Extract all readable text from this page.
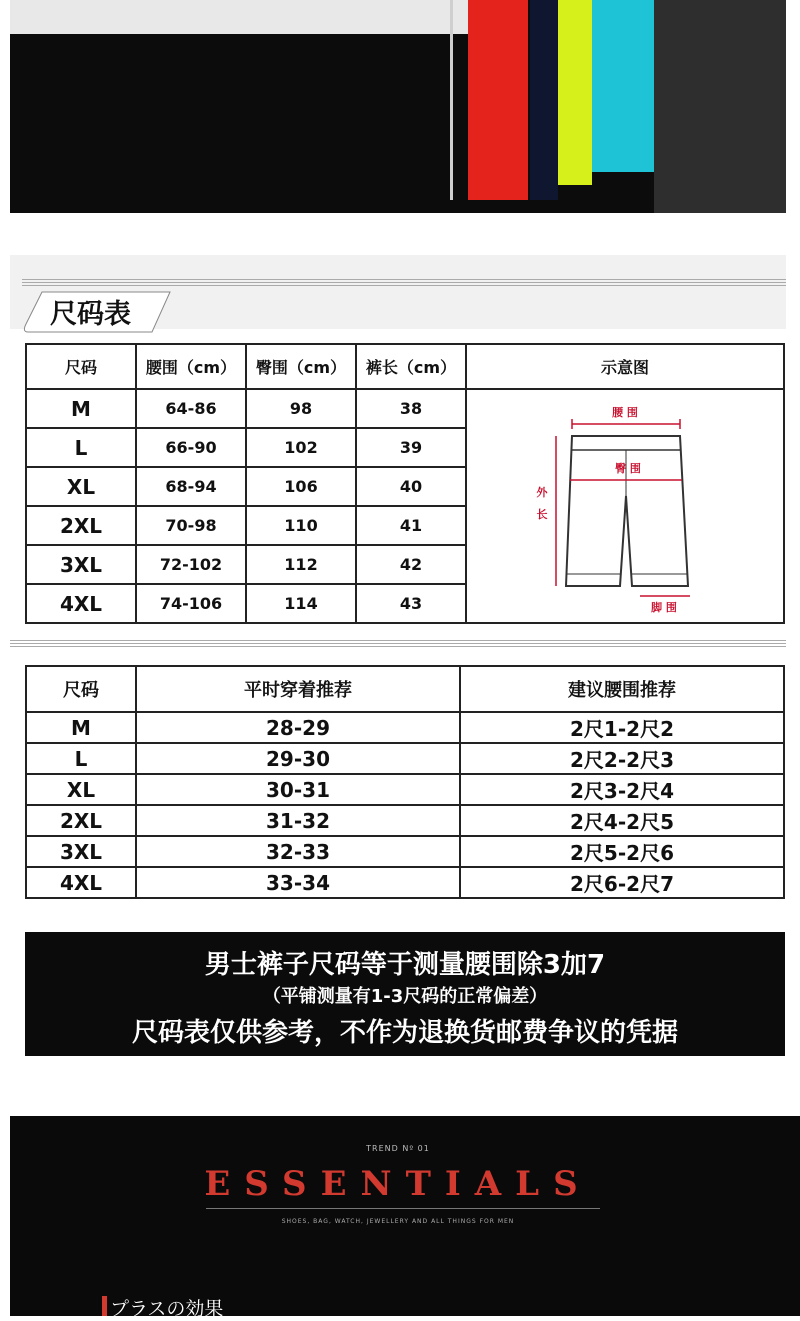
尺码表
尺码	腰围（cm）	臀围（cm）	裤长（cm）	示意图
M	64-86	98	38	腰 围
臀 围
外
长
脚 围

L	66-90	102	39	
XL	68-94	106	40	
2XL	70-98	110	41	
3XL	72-102	112	42	
4XL	74-106	114	43	
尺码	平时穿着推荐	建议腰围推荐
M	28-29	2尺1-2尺2
L	29-30	2尺2-2尺3
XL	30-31	2尺3-2尺4
2XL	31-32	2尺4-2尺5
3XL	32-33	2尺5-2尺6
4XL	33-34	2尺6-2尺7
男士裤子尺码等于测量腰围除3加7
（平铺测量有1-3尺码的正常偏差）
尺码表仅供参考，不作为退换货邮费争议的凭据
TREND Nº 01
ESSENTIALS
SHOES, BAG, WATCH, JEWELLERY AND ALL THINGS FOR MEN
プラスの効果
